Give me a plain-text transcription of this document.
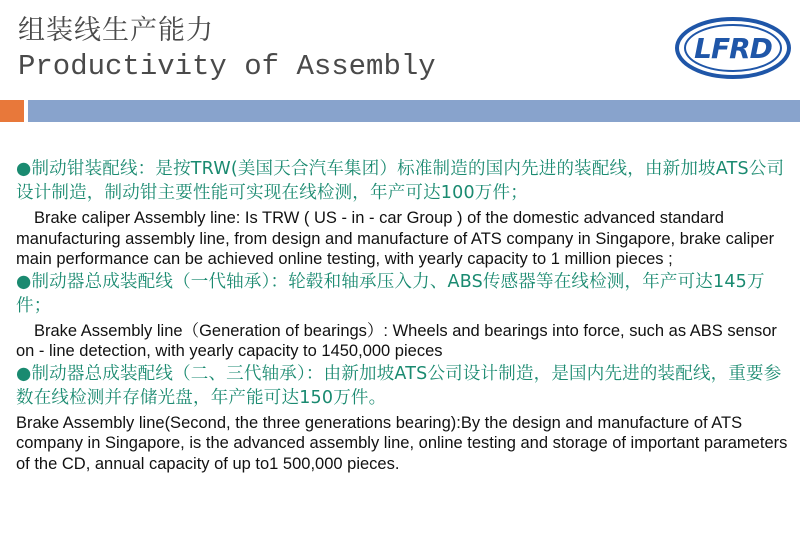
组装线生产能力
Productivity of Assembly
LFRD

●制动钳装配线：是按TRW(美国天合汽车集团）标准制造的国内先进的装配线，由新加坡ATS公司设计制造，制动钳主要性能可实现在线检测，年产可达100万件；

Brake caliper Assembly line: Is TRW ( US - in - car Group ) of the domestic advanced standard manufacturing assembly line, from design and manufacture of ATS company in Singapore, brake caliper main performance can be achieved online testing, with yearly capacity to 1 million pieces ;

●制动器总成装配线（一代轴承）：轮毂和轴承压入力、ABS传感器等在线检测，年产可达145万件；

Brake Assembly line（Generation of bearings）: Wheels and bearings into force, such as ABS sensor on - line detection, with yearly capacity to 1450,000 pieces

●制动器总成装配线（二、三代轴承）：由新加坡ATS公司设计制造，是国内先进的装配线，重要参数在线检测并存储光盘，年产能可达150万件。

Brake Assembly line(Second, the three generations bearing):By the design and manufacture of ATS company in Singapore, is the advanced assembly line, online testing and storage of important parameters of the CD, annual capacity of up to1 500,000 pieces.
